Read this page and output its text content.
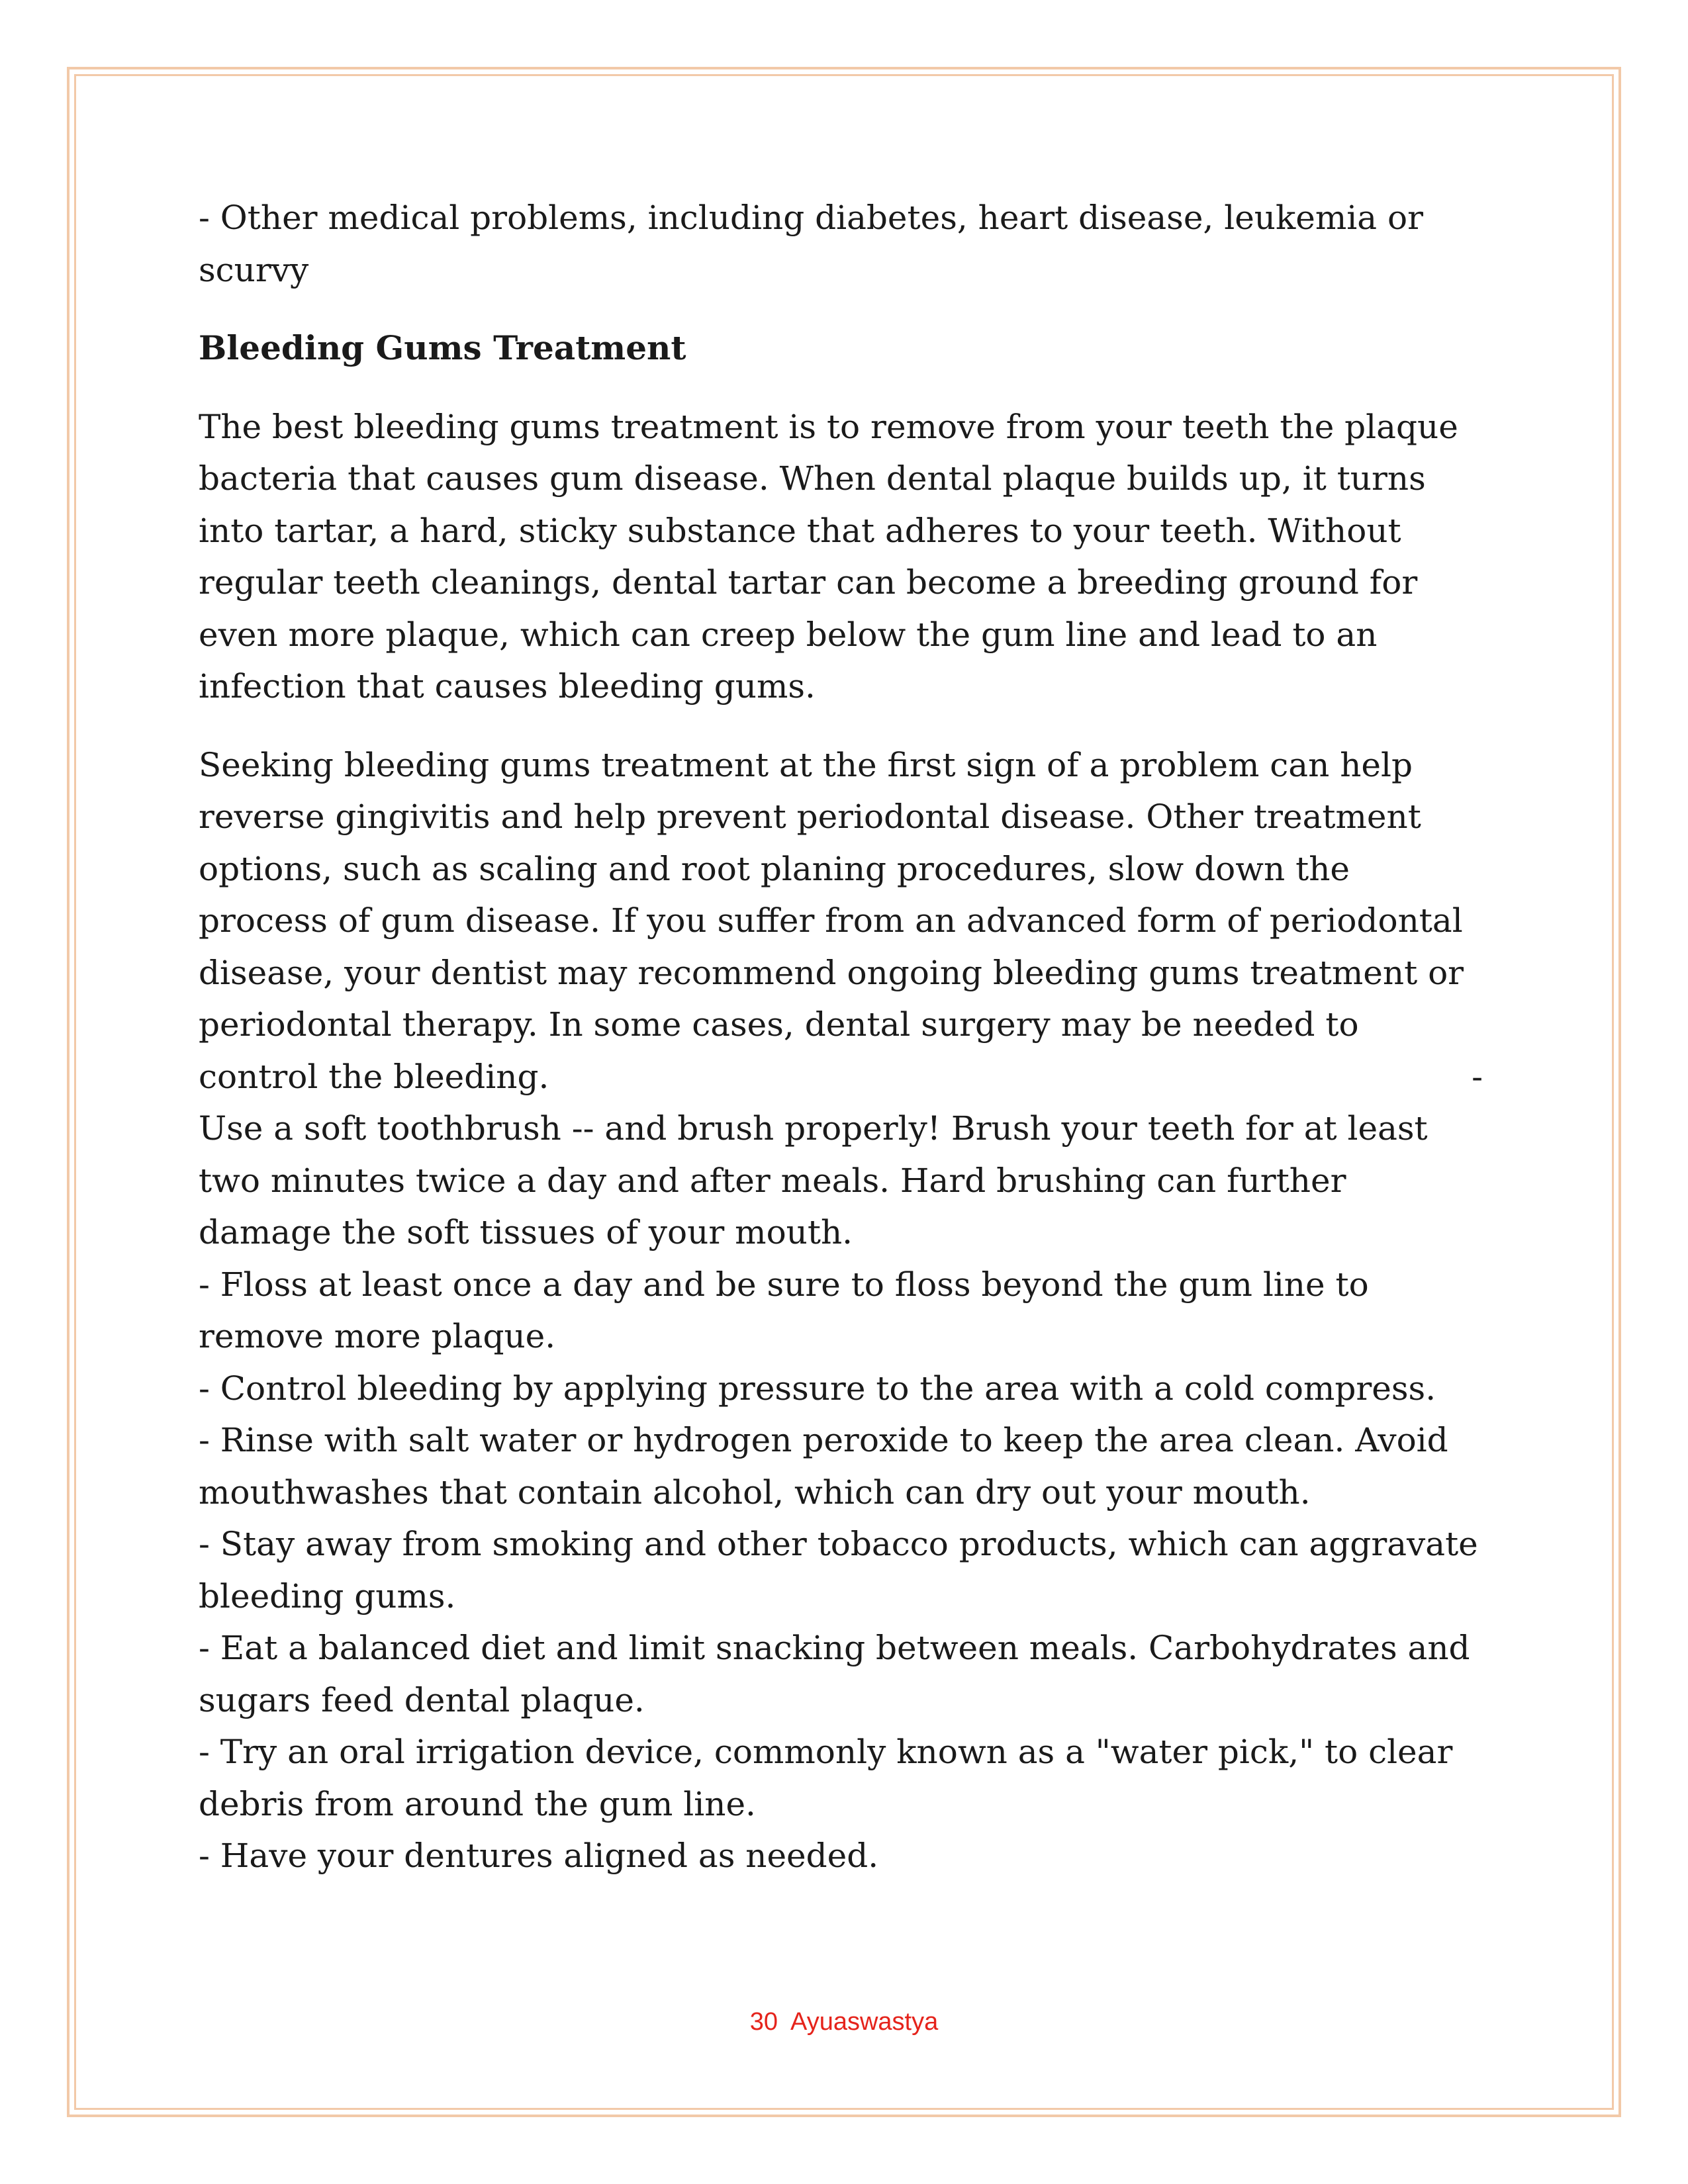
- Other medical problems, including diabetes, heart disease, leukemia or scurvy

Bleeding Gums Treatment

The best bleeding gums treatment is to remove from your teeth the plaque bacteria that causes gum disease. When dental plaque builds up, it turns into tartar, a hard, sticky substance that adheres to your teeth. Without regular teeth cleanings, dental tartar can become a breeding ground for even more plaque, which can creep below the gum line and lead to an infection that causes bleeding gums.

Seeking bleeding gums treatment at the first sign of a problem can help reverse gingivitis and help prevent periodontal disease. Other treatment options, such as scaling and root planing procedures, slow down the process of gum disease. If you suffer from an advanced form of periodontal disease, your dentist may recommend ongoing bleeding gums treatment or periodontal therapy. In some cases, dental surgery may be needed to control the bleeding.	-

Use a soft toothbrush -- and brush properly! Brush your teeth for at least two minutes twice a day and after meals. Hard brushing can further damage the soft tissues of your mouth.

- Floss at least once a day and be sure to floss beyond the gum line to remove more plaque.

- Control bleeding by applying pressure to the area with a cold compress.

- Rinse with salt water or hydrogen peroxide to keep the area clean. Avoid mouthwashes that contain alcohol, which can dry out your mouth.

- Stay away from smoking and other tobacco products, which can aggravate bleeding gums.

- Eat a balanced diet and limit snacking between meals. Carbohydrates and sugars feed dental plaque.

- Try an oral irrigation device, commonly known as a "water pick," to clear debris from around the gum line.

- Have your dentures aligned as needed.

30  Ayuaswastya
